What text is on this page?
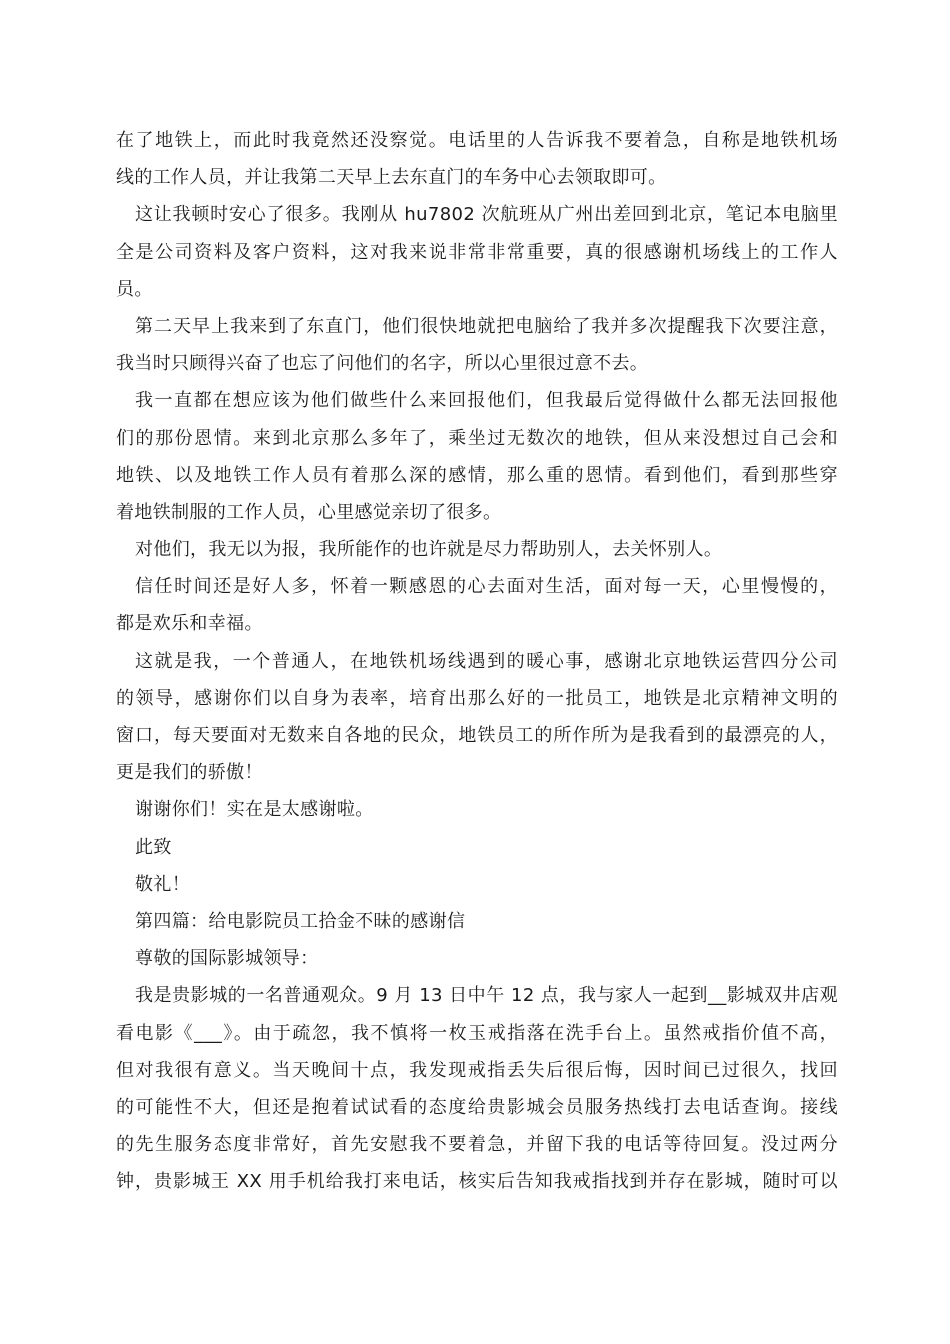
在了地铁上，而此时我竟然还没察觉。电话里的人告诉我不要着急，自称是地铁机场
线的工作人员，并让我第二天早上去东直门的车务中心去领取即可。
这让我顿时安心了很多。我刚从 hu7802 次航班从广州出差回到北京，笔记本电脑里
全是公司资料及客户资料，这对我来说非常非常重要，真的很感谢机场线上的工作人
员。
第二天早上我来到了东直门，他们很快地就把电脑给了我并多次提醒我下次要注意，
我当时只顾得兴奋了也忘了问他们的名字，所以心里很过意不去。
我一直都在想应该为他们做些什么来回报他们，但我最后觉得做什么都无法回报他
们的那份恩情。来到北京那么多年了，乘坐过无数次的地铁，但从来没想过自己会和
地铁、以及地铁工作人员有着那么深的感情，那么重的恩情。看到他们，看到那些穿
着地铁制服的工作人员，心里感觉亲切了很多。
对他们，我无以为报，我所能作的也许就是尽力帮助别人，去关怀别人。
信任时间还是好人多，怀着一颗感恩的心去面对生活，面对每一天，心里慢慢的，
都是欢乐和幸福。
这就是我，一个普通人，在地铁机场线遇到的暖心事，感谢北京地铁运营四分公司
的领导，感谢你们以自身为表率，培育出那么好的一批员工，地铁是北京精神文明的
窗口，每天要面对无数来自各地的民众，地铁员工的所作所为是我看到的最漂亮的人，
更是我们的骄傲！
谢谢你们！实在是太感谢啦。
此致
敬礼！
第四篇：给电影院员工拾金不昧的感谢信
尊敬的国际影城领导：
我是贵影城的一名普通观众。9 月 13 日中午 12 点，我与家人一起到__影城双井店观
看电影《___》。由于疏忽，我不慎将一枚玉戒指落在洗手台上。虽然戒指价值不高，
但对我很有意义。当天晚间十点，我发现戒指丢失后很后悔，因时间已过很久，找回
的可能性不大，但还是抱着试试看的态度给贵影城会员服务热线打去电话查询。接线
的先生服务态度非常好，首先安慰我不要着急，并留下我的电话等待回复。没过两分
钟，贵影城王 XX 用手机给我打来电话，核实后告知我戒指找到并存在影城，随时可以
